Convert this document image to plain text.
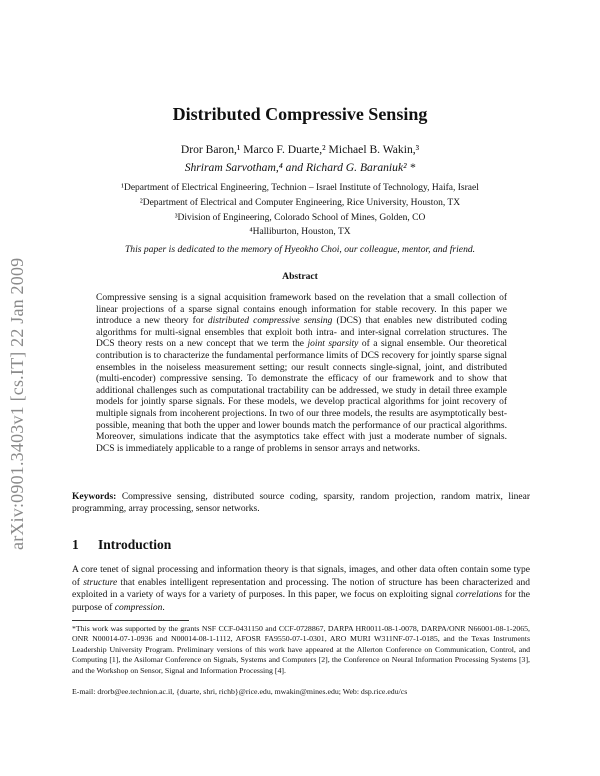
arXiv:0901.3403v1 [cs.IT] 22 Jan 2009
Distributed Compressive Sensing
Dror Baron,¹ Marco F. Duarte,² Michael B. Wakin,³
Shriram Sarvotham,⁴ and Richard G. Baraniuk² *
¹Department of Electrical Engineering, Technion – Israel Institute of Technology, Haifa, Israel
²Department of Electrical and Computer Engineering, Rice University, Houston, TX
³Division of Engineering, Colorado School of Mines, Golden, CO
⁴Halliburton, Houston, TX
This paper is dedicated to the memory of Hyeokho Choi, our colleague, mentor, and friend.
Abstract
Compressive sensing is a signal acquisition framework based on the revelation that a small collection of linear projections of a sparse signal contains enough information for stable recovery. In this paper we introduce a new theory for distributed compressive sensing (DCS) that enables new distributed coding algorithms for multi-signal ensembles that exploit both intra- and inter-signal correlation structures. The DCS theory rests on a new concept that we term the joint sparsity of a signal ensemble. Our theoretical contribution is to characterize the fundamental performance limits of DCS recovery for jointly sparse signal ensembles in the noiseless measurement setting; our result connects single-signal, joint, and distributed (multi-encoder) compressive sensing. To demonstrate the efficacy of our framework and to show that additional challenges such as computational tractability can be addressed, we study in detail three example models for jointly sparse signals. For these models, we develop practical algorithms for joint recovery of multiple signals from incoherent projections. In two of our three models, the results are asymptotically best-possible, meaning that both the upper and lower bounds match the performance of our practical algorithms. Moreover, simulations indicate that the asymptotics take effect with just a moderate number of signals. DCS is immediately applicable to a range of problems in sensor arrays and networks.
Keywords: Compressive sensing, distributed source coding, sparsity, random projection, random matrix, linear programming, array processing, sensor networks.
1 Introduction
A core tenet of signal processing and information theory is that signals, images, and other data often contain some type of structure that enables intelligent representation and processing. The notion of structure has been characterized and exploited in a variety of ways for a variety of purposes. In this paper, we focus on exploiting signal correlations for the purpose of compression.
*This work was supported by the grants NSF CCF-0431150 and CCF-0728867, DARPA HR0011-08-1-0078, DARPA/ONR N66001-08-1-2065, ONR N00014-07-1-0936 and N00014-08-1-1112, AFOSR FA9550-07-1-0301, ARO MURI W311NF-07-1-0185, and the Texas Instruments Leadership University Program. Preliminary versions of this work have appeared at the Allerton Conference on Communication, Control, and Computing [1], the Asilomar Conference on Signals, Systems and Computers [2], the Conference on Neural Information Processing Systems [3], and the Workshop on Sensor, Signal and Information Processing [4].
E-mail: drorb@ee.technion.ac.il, {duarte, shri, richb}@rice.edu, mwakin@mines.edu; Web: dsp.rice.edu/cs
